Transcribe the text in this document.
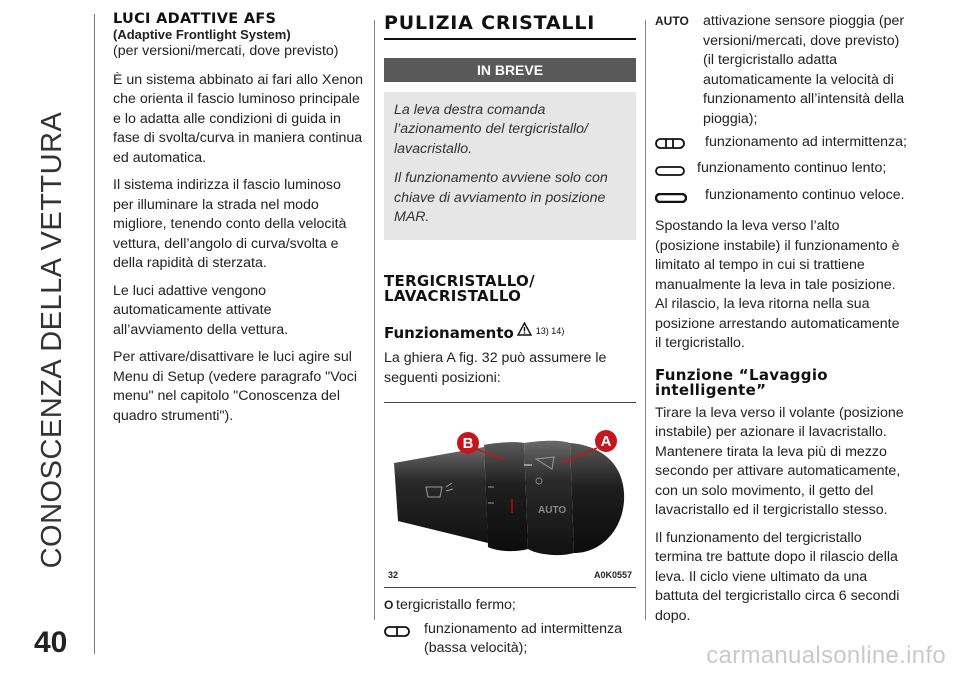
CONOSCENZA DELLA VETTURA
40
LUCI ADATTIVE AFS
(Adaptive Frontlight System)

(per versioni/mercati, dove previsto)

È un sistema abbinato ai fari allo Xenon che orienta il fascio luminoso principale e lo adatta alle condizioni di guida in fase di svolta/curva in maniera continua ed automatica.

Il sistema indirizza il fascio luminoso per illuminare la strada nel modo migliore, tenendo conto della velocità vettura, dell’angolo di curva/svolta e della rapidità di sterzata.

Le luci adattive vengono automaticamente attivate all’avviamento della vettura.

Per attivare/disattivare le luci agire sul Menu di Setup (vedere paragrafo "Voci menu" nel capitolo "Conoscenza del quadro strumenti").

PULIZIA CRISTALLI
IN BREVE

La leva destra comanda l’azionamento del tergicristallo/ lavacristallo.

Il funzionamento avviene solo con chiave di avviamento in posizione MAR.

TERGICRISTALLO/
LAVACRISTALLO
Funzionamento 13) 14)

La ghiera A fig. 32 può assumere le seguenti posizioni:

AUTO
B	A
32	A0K0557
O tergicristallo fermo;
funzionamento ad intermittenza (bassa velocità);
AUTO	attivazione sensore pioggia (per versioni/mercati, dove previsto) (il tergicristallo adatta automaticamente la velocità di funzionamento all’intensità della pioggia);
funzionamento ad intermittenza;
funzionamento continuo lento;
funzionamento continuo veloce.

Spostando la leva verso l’alto (posizione instabile) il funzionamento è limitato al tempo in cui si trattiene manualmente la leva in tale posizione. Al rilascio, la leva ritorna nella sua posizione arrestando automaticamente il tergicristallo.

Funzione “Lavaggio
intelligente”

Tirare la leva verso il volante (posizione instabile) per azionare il lavacristallo. Mantenere tirata la leva più di mezzo secondo per attivare automaticamente, con un solo movimento, il getto del lavacristallo ed il tergicristallo stesso.

Il funzionamento del tergicristallo termina tre battute dopo il rilascio della leva. Il ciclo viene ultimato da una battuta del tergicristallo circa 6 secondi dopo.

carmanualsonline.info
